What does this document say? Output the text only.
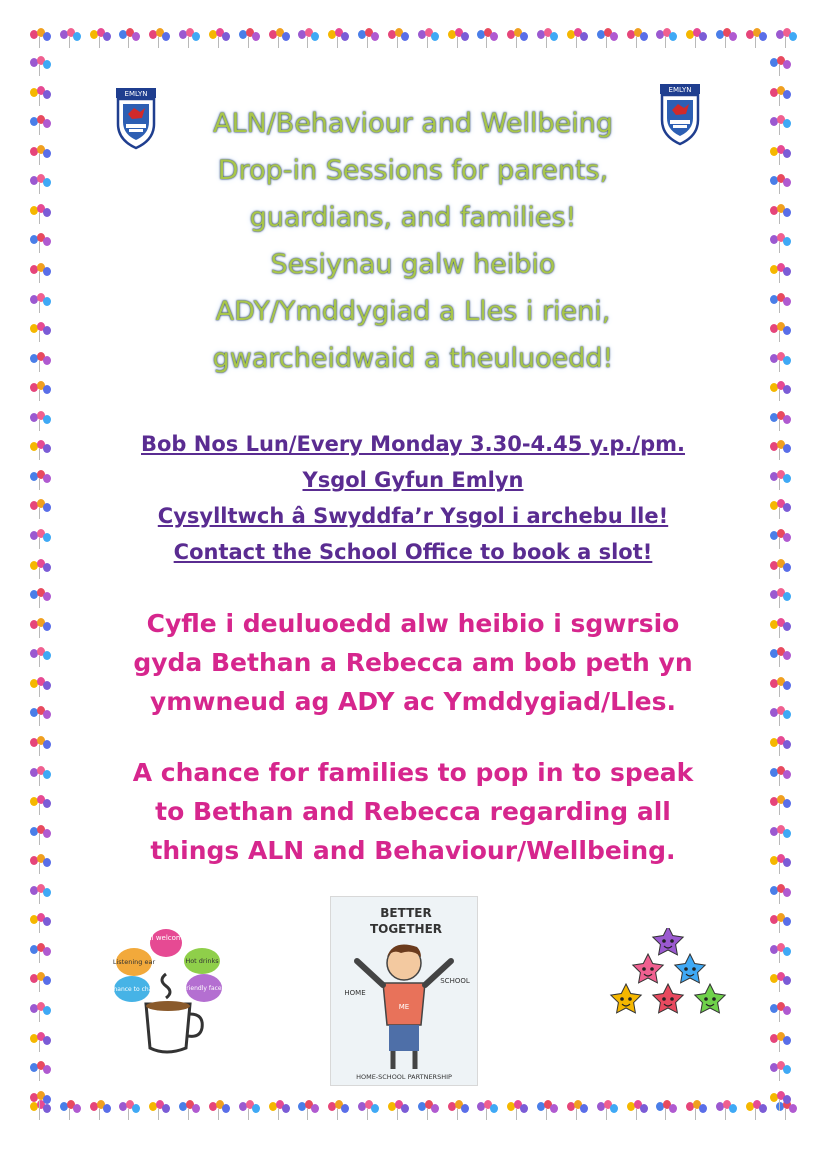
EMLYN	EMLYN
ALN/Behaviour and Wellbeing
Drop-in Sessions for parents,
guardians, and families!
Sesiynau galw heibio
ADY/Ymddygiad a Lles i rieni,
gwarcheidwaid a theuluoedd!
Bob Nos Lun/Every Monday 3.30-4.45 y.p./pm.
Ysgol Gyfun Emlyn
Cysylltwch â Swyddfa’r Ysgol i archebu lle!
Contact the School Office to book a slot!
Cyfle i deuluoedd alw heibio i sgwrsio
gyda Bethan a Rebecca am bob peth yn
ymwneud ag ADY ac Ymddygiad/Lles.
A chance for families to pop in to speak
to Bethan and Rebecca regarding all
things ALN and Behaviour/Wellbeing.
All welcome
Listening ear	Hot drinks
Chance to chat	Friendly faces
BETTER
TOGETHER
ME
HOME
SCHOOL
HOME-SCHOOL PARTNERSHIP
